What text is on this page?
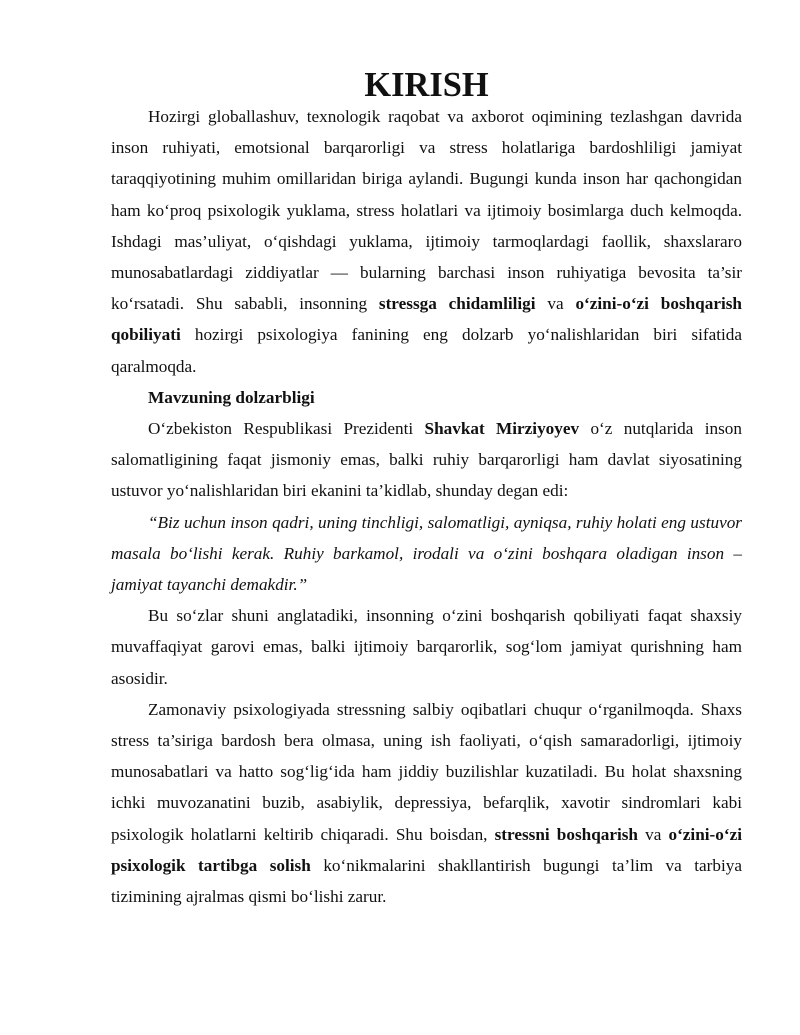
KIRISH

Hozirgi globallashuv, texnologik raqobat va axborot oqimining tezlashgan davrida inson ruhiyati, emotsional barqarorligi va stress holatlariga bardoshliligi jamiyat taraqqiyotining muhim omillaridan biriga aylandi. Bugungi kunda inson har qachongidan ham ko‘proq psixologik yuklama, stress holatlari va ijtimoiy bosimlarga duch kelmoqda. Ishdagi mas’uliyat, o‘qishdagi yuklama, ijtimoiy tarmoqlardagi faollik, shaxslararo munosabatlardagi ziddiyatlar — bularning barchasi inson ruhiyatiga bevosita ta’sir ko‘rsatadi. Shu sababli, insonning stressga chidamliligi va o‘zini-o‘zi boshqarish qobiliyati hozirgi psixologiya fanining eng dolzarb yo‘nalishlaridan biri sifatida qaralmoqda.

Mavzuning dolzarbligi

O‘zbekiston Respublikasi Prezidenti Shavkat Mirziyoyev o‘z nutqlarida inson salomatligining faqat jismoniy emas, balki ruhiy barqarorligi ham davlat siyosatining ustuvor yo‘nalishlaridan biri ekanini ta’kidlab, shunday degan edi:

“Biz uchun inson qadri, uning tinchligi, salomatligi, ayniqsa, ruhiy holati eng ustuvor masala bo‘lishi kerak. Ruhiy barkamol, irodali va o‘zini boshqara oladigan inson – jamiyat tayanchi demakdir.”

Bu so‘zlar shuni anglatadiki, insonning o‘zini boshqarish qobiliyati faqat shaxsiy muvaffaqiyat garovi emas, balki ijtimoiy barqarorlik, sog‘lom jamiyat qurishning ham asosidir.

Zamonaviy psixologiyada stressning salbiy oqibatlari chuqur o‘rganilmoqda. Shaxs stress ta’siriga bardosh bera olmasa, uning ish faoliyati, o‘qish samaradorligi, ijtimoiy munosabatlari va hatto sog‘lig‘ida ham jiddiy buzilishlar kuzatiladi. Bu holat shaxsning ichki muvozanatini buzib, asabiylik, depressiya, befarqlik, xavotir sindromlari kabi psixologik holatlarni keltirib chiqaradi. Shu boisdan, stressni boshqarish va o‘zini-o‘zi psixologik tartibga solish ko‘nikmalarini shakllantirish bugungi ta’lim va tarbiya tizimining ajralmas qismi bo‘lishi zarur.
